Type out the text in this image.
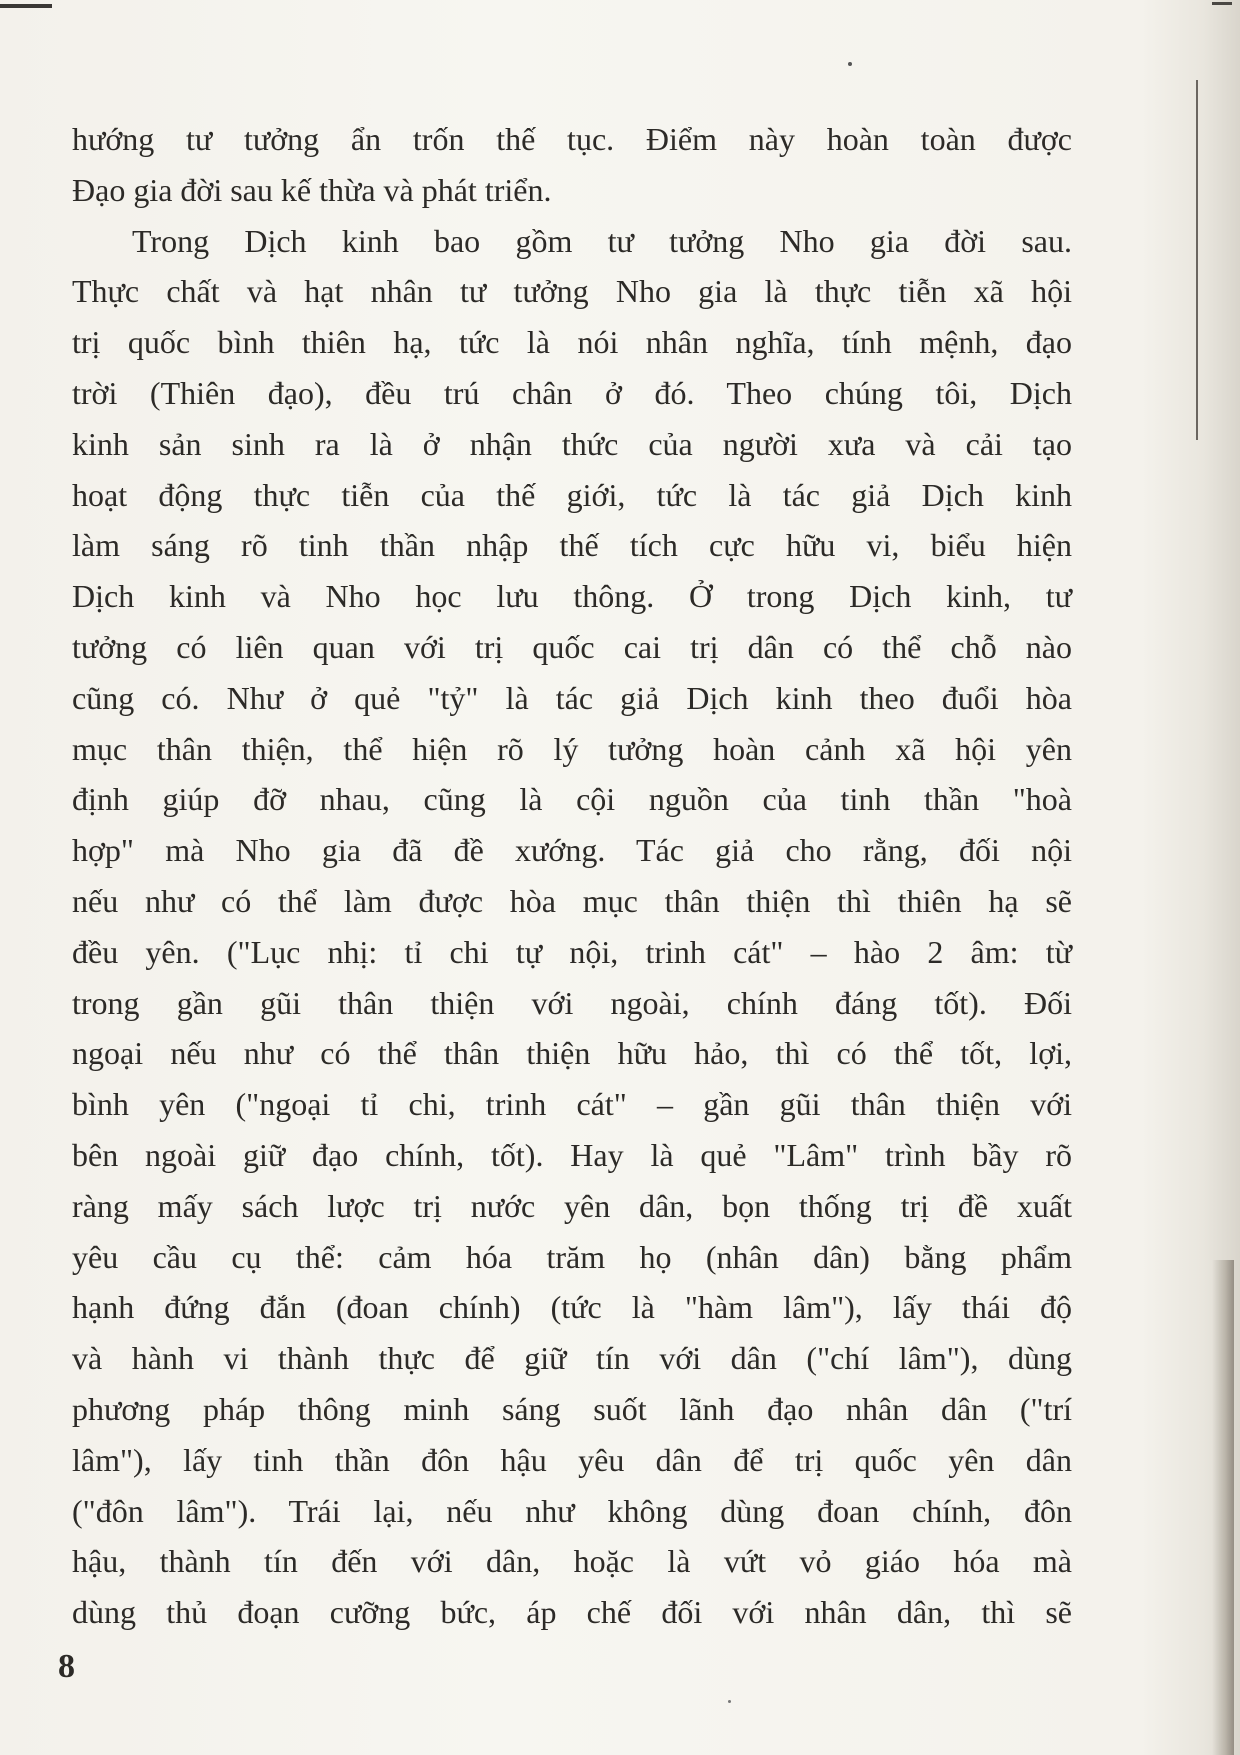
hướng tư tưởng ẩn trốn thế tục. Điểm này hoàn toàn được
Đạo gia đời sau kế thừa và phát triển.
Trong Dịch kinh bao gồm tư tưởng Nho gia đời sau.
Thực chất và hạt nhân tư tưởng Nho gia là thực tiễn xã hội
trị quốc bình thiên hạ, tức là nói nhân nghĩa, tính mệnh, đạo
trời (Thiên đạo), đều trú chân ở đó. Theo chúng tôi, Dịch
kinh sản sinh ra là ở nhận thức của người xưa và cải tạo
hoạt động thực tiễn của thế giới, tức là tác giả Dịch kinh
làm sáng rõ tinh thần nhập thế tích cực hữu vi, biểu hiện
Dịch kinh và Nho học lưu thông. Ở trong Dịch kinh, tư
tưởng có liên quan với trị quốc cai trị dân có thể chỗ nào
cũng có. Như ở quẻ "tỷ" là tác giả Dịch kinh theo đuổi hòa
mục thân thiện, thể hiện rõ lý tưởng hoàn cảnh xã hội yên
định giúp đỡ nhau, cũng là cội nguồn của tinh thần "hoà
hợp" mà Nho gia đã đề xướng. Tác giả cho rằng, đối nội
nếu như có thể làm được hòa mục thân thiện thì thiên hạ sẽ
đều yên. ("Lục nhị: tỉ chi tự nội, trinh cát" – hào 2 âm: từ
trong gần gũi thân thiện với ngoài, chính đáng tốt). Đối
ngoại nếu như có thể thân thiện hữu hảo, thì có thể tốt, lợi,
bình yên ("ngoại tỉ chi, trinh cát" – gần gũi thân thiện với
bên ngoài giữ đạo chính, tốt). Hay là quẻ "Lâm" trình bầy rõ
ràng mấy sách lược trị nước yên dân, bọn thống trị đề xuất
yêu cầu cụ thể: cảm hóa trăm họ (nhân dân) bằng phẩm
hạnh đứng đắn (đoan chính) (tức là "hàm lâm"), lấy thái độ
và hành vi thành thực để giữ tín với dân ("chí lâm"), dùng
phương pháp thông minh sáng suốt lãnh đạo nhân dân ("trí
lâm"), lấy tinh thần đôn hậu yêu dân để trị quốc yên dân
("đôn lâm"). Trái lại, nếu như không dùng đoan chính, đôn
hậu, thành tín đến với dân, hoặc là vứt vỏ giáo hóa mà
dùng thủ đoạn cưỡng bức, áp chế đối với nhân dân, thì sẽ
8
